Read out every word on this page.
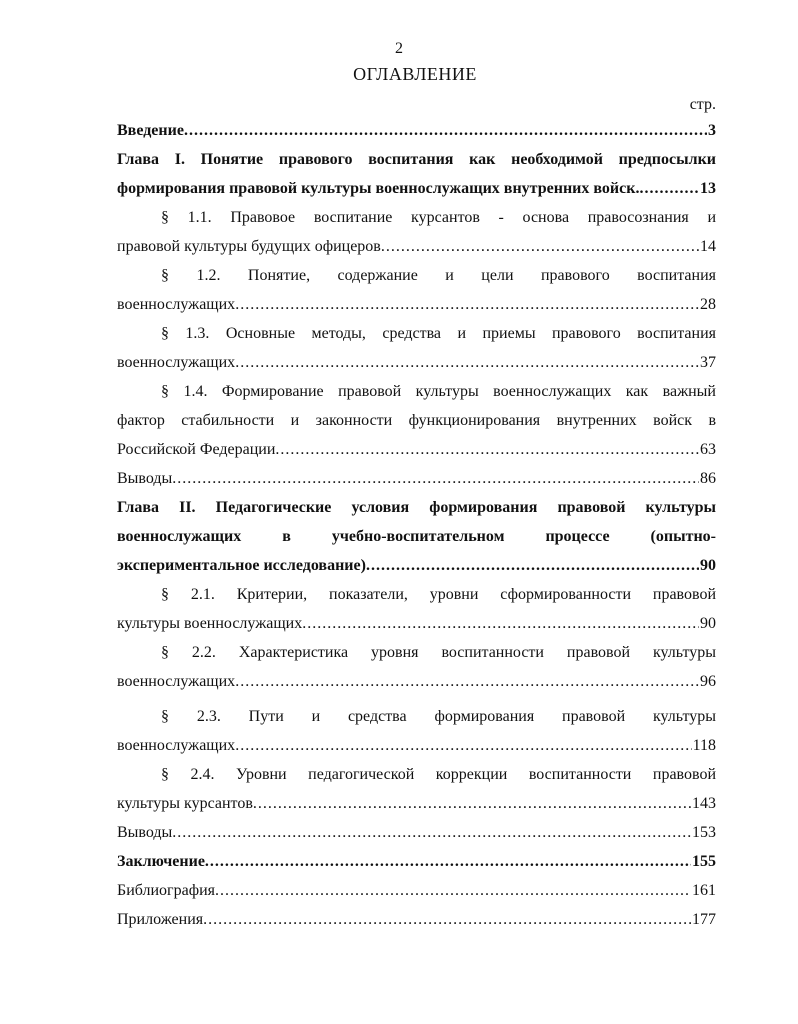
2
ОГЛАВЛЕНИЕ
стр.
Введение .....	3
Глава I. Понятие правового воспитания как необходимой предпосылки
формирования правовой культуры военнослужащих внутренних войск. .....	13
§ 1.1. Правовое воспитание курсантов - основа правосознания и
правовой культуры будущих офицеров .....	14
§ 1.2. Понятие, содержание и цели правового воспитания
военнослужащих .....	28
§ 1.3. Основные методы, средства и приемы правового воспитания
военнослужащих .....	37
§ 1.4. Формирование правовой культуры военнослужащих как важный
фактор стабильности и законности функционирования внутренних войск в
Российской Федерации .....	63
Выводы .....	86
Глава II. Педагогические условия формирования правовой культуры
военнослужащих в учебно-воспитательном процессе (опытно-
экспериментальное исследование) .....	90
§ 2.1. Критерии, показатели, уровни сформированности правовой
культуры военнослужащих .....	90
§ 2.2. Характеристика уровня воспитанности правовой культуры
военнослужащих .....	96
§ 2.3. Пути и средства формирования правовой культуры
военнослужащих .....	118
§ 2.4. Уровни педагогической коррекции воспитанности правовой
культуры курсантов .....	143
Выводы .....	153
Заключение .....	155
Библиография .....	161
Приложения .....	177
